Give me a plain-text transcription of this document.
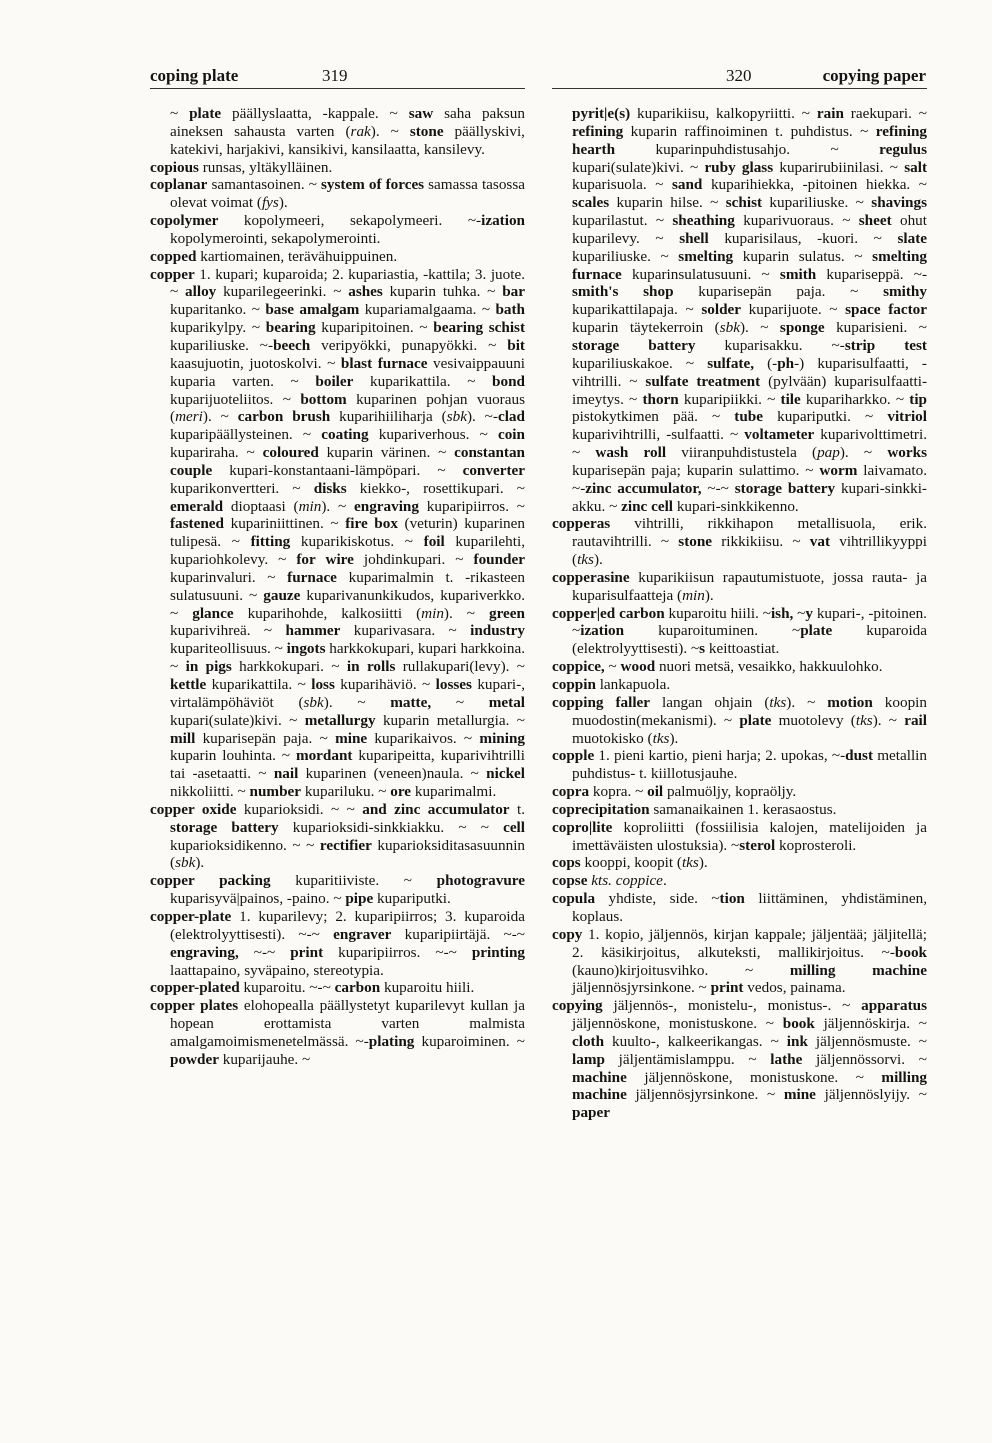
coping plate	319	320	copying paper

~ plate päällyslaatta, -kappale. ~ saw saha paksun aineksen sahausta varten (rak). ~ stone päällyskivi, katekivi, harjakivi, kansikivi, kansilaatta, kansilevy.

copious runsas, yltäkylläinen.

coplanar samantasoinen. ~ system of forces samassa tasossa olevat voimat (fys).

copolymer kopolymeeri, sekapolymeeri. ~-ization kopolymerointi, sekapolymerointi.

copped kartiomainen, terävähuippuinen.

copper 1. kupari; kuparoida; 2. kupariastia, -kattila; 3. juote. ~ alloy kuparilegeerinki. ~ ashes kuparin tuhka. ~ bar kuparitanko. ~ base amalgam kupariamalgaama. ~ bath kuparikylpy. ~ bearing kuparipitoinen. ~ bearing schist kupariliuske. ~-beech veripyökki, punapyökki. ~ bit kaasujuotin, juotoskolvi. ~ blast furnace vesivaippauuni kuparia varten. ~ boiler kuparikattila. ~ bond kuparijuoteliitos. ~ bottom kuparinen pohjan vuoraus (meri). ~ carbon brush kuparihiiliharja (sbk). ~-clad kuparipäällysteinen. ~ coating kupariverhous. ~ coin kupariraha. ~ coloured kuparin värinen. ~ constantan couple kupari-konstantaani-lämpöpari. ~ converter kuparikonvertteri. ~ disks kiekko-, rosettikupari. ~ emerald dioptaasi (min). ~ engraving kuparipiirros. ~ fastened kupariniittinen. ~ fire box (veturin) kuparinen tulipesä. ~ fitting kuparikiskotus. ~ foil kuparilehti, kupariohkolevy. ~ for wire johdinkupari. ~ founder kuparinvaluri. ~ furnace kuparimalmin t. -rikasteen sulatusuuni. ~ gauze kuparivanunkikudos, kupariverkko. ~ glance kuparihohde, kalkosiitti (min). ~ green kuparivihreä. ~ hammer kuparivasara. ~ industry kupariteollisuus. ~ ingots harkkokupari, kupari harkkoina. ~ in pigs harkkokupari. ~ in rolls rullakupari(levy). ~ kettle kuparikattila. ~ loss kuparihäviö. ~ losses kupari-, virtalämpöhäviöt (sbk). ~ matte, ~ metal kupari(sulate)kivi. ~ metallurgy kuparin metallurgia. ~ mill kuparisepän paja. ~ mine kuparikaivos. ~ mining kuparin louhinta. ~ mordant kuparipeitta, kuparivihtrilli tai -asetaatti. ~ nail kuparinen (veneen)naula. ~ nickel nikkoliitti. ~ number kupariluku. ~ ore kuparimalmi.

copper oxide kuparioksidi. ~ ~ and zinc accumulator t. storage battery kuparioksidi-sinkkiakku. ~ ~ cell kuparioksidikenno. ~ ~ rectifier kuparioksiditasasuunnin (sbk).

copper packing kuparitiiviste. ~ photogravure kuparisyvä|painos, -paino. ~ pipe kupariputki.

copper-plate 1. kuparilevy; 2. kuparipiirros; 3. kuparoida (elektrolyyttisesti). ~-~ engraver kuparipiirtäjä. ~-~ engraving, ~-~ print kuparipiirros. ~-~ printing laattapaino, syväpaino, stereotypia.

copper-plated kuparoitu. ~-~ carbon kuparoitu hiili.

copper plates elohopealla päällystetyt kuparilevyt kullan ja hopean erottamista varten malmista amalgamoimismenetelmässä. ~-plating kuparoiminen. ~ powder kuparijauhe. ~

pyrit|e(s) kuparikiisu, kalkopyriitti. ~ rain raekupari. ~ refining kuparin raffinoiminen t. puhdistus. ~ refining hearth kuparinpuhdistusahjo. ~ regulus kupari(sulate)kivi. ~ ruby glass kuparirubiinilasi. ~ salt kuparisuola. ~ sand kuparihiekka, -pitoinen hiekka. ~ scales kuparin hilse. ~ schist kupariliuske. ~ shavings kuparilastut. ~ sheathing kuparivuoraus. ~ sheet ohut kuparilevy. ~ shell kuparisilaus, -kuori. ~ slate kupariliuske. ~ smelting kuparin sulatus. ~ smelting furnace kuparinsulatusuuni. ~ smith kupariseppä. ~-smith's shop kuparisepän paja. ~ smithy kuparikattilapaja. ~ solder kuparijuote. ~ space factor kuparin täytekerroin (sbk). ~ sponge kuparisieni. ~ storage battery kuparisakku. ~-strip test kupariliuskakoe. ~ sulfate, (-ph-) kuparisulfaatti, -vihtrilli. ~ sulfate treatment (pylvään) kuparisulfaatti-imeytys. ~ thorn kuparipiikki. ~ tile kupariharkko. ~ tip pistokytkimen pää. ~ tube kupariputki. ~ vitriol kuparivihtrilli, -sulfaatti. ~ voltameter kuparivolttimetri. ~ wash roll viiranpuhdistustela (pap). ~ works kuparisepän paja; kuparin sulattimo. ~ worm laivamato. ~-zinc accumulator, ~-~ storage battery kupari-sinkki-akku. ~ zinc cell kupari-sinkkikenno.

copperas vihtrilli, rikkihapon metallisuola, erik. rautavihtrilli. ~ stone rikkikiisu. ~ vat vihtrillikyyppi (tks).

copperasine kuparikiisun rapautumistuote, jossa rauta- ja kuparisulfaatteja (min).

copper|ed carbon kuparoitu hiili. ~ish, ~y kupari-, -pitoinen. ~ization kuparoituminen. ~plate kuparoida (elektrolyyttisesti). ~s keittoastiat.

coppice, ~ wood nuori metsä, vesaikko, hakkuulohko.

coppin lankapuola.

copping faller langan ohjain (tks). ~ motion koopin muodostin(mekanismi). ~ plate muotolevy (tks). ~ rail muotokisko (tks).

copple 1. pieni kartio, pieni harja; 2. upokas, ~-dust metallin puhdistus- t. kiillotusjauhe.

copra kopra. ~ oil palmuöljy, kopraöljy.

coprecipitation samanaikainen 1. kerasaostus.

copro|lite koproliitti (fossiilisia kalojen, matelijoiden ja imettäväisten ulostuksia). ~sterol koprosteroli.

cops kooppi, koopit (tks).

copse kts. coppice.

copula yhdiste, side. ~tion liittäminen, yhdistäminen, koplaus.

copy 1. kopio, jäljennös, kirjan kappale; jäljentää; jäljitellä; 2. käsikirjoitus, alkuteksti, mallikirjoitus. ~-book (kauno)kirjoitusvihko. ~ milling machine jäljennösjyrsinkone. ~ print vedos, painama.

copying jäljennös-, monistelu-, monistus-. ~ apparatus jäljennöskone, monistuskone. ~ book jäljennöskirja. ~ cloth kuulto-, kalkeerikangas. ~ ink jäljennösmuste. ~ lamp jäljentämislamppu. ~ lathe jäljennössorvi. ~ machine jäljennöskone, monistuskone. ~ milling machine jäljennösjyrsinkone. ~ mine jäljennöslyijy. ~ paper
